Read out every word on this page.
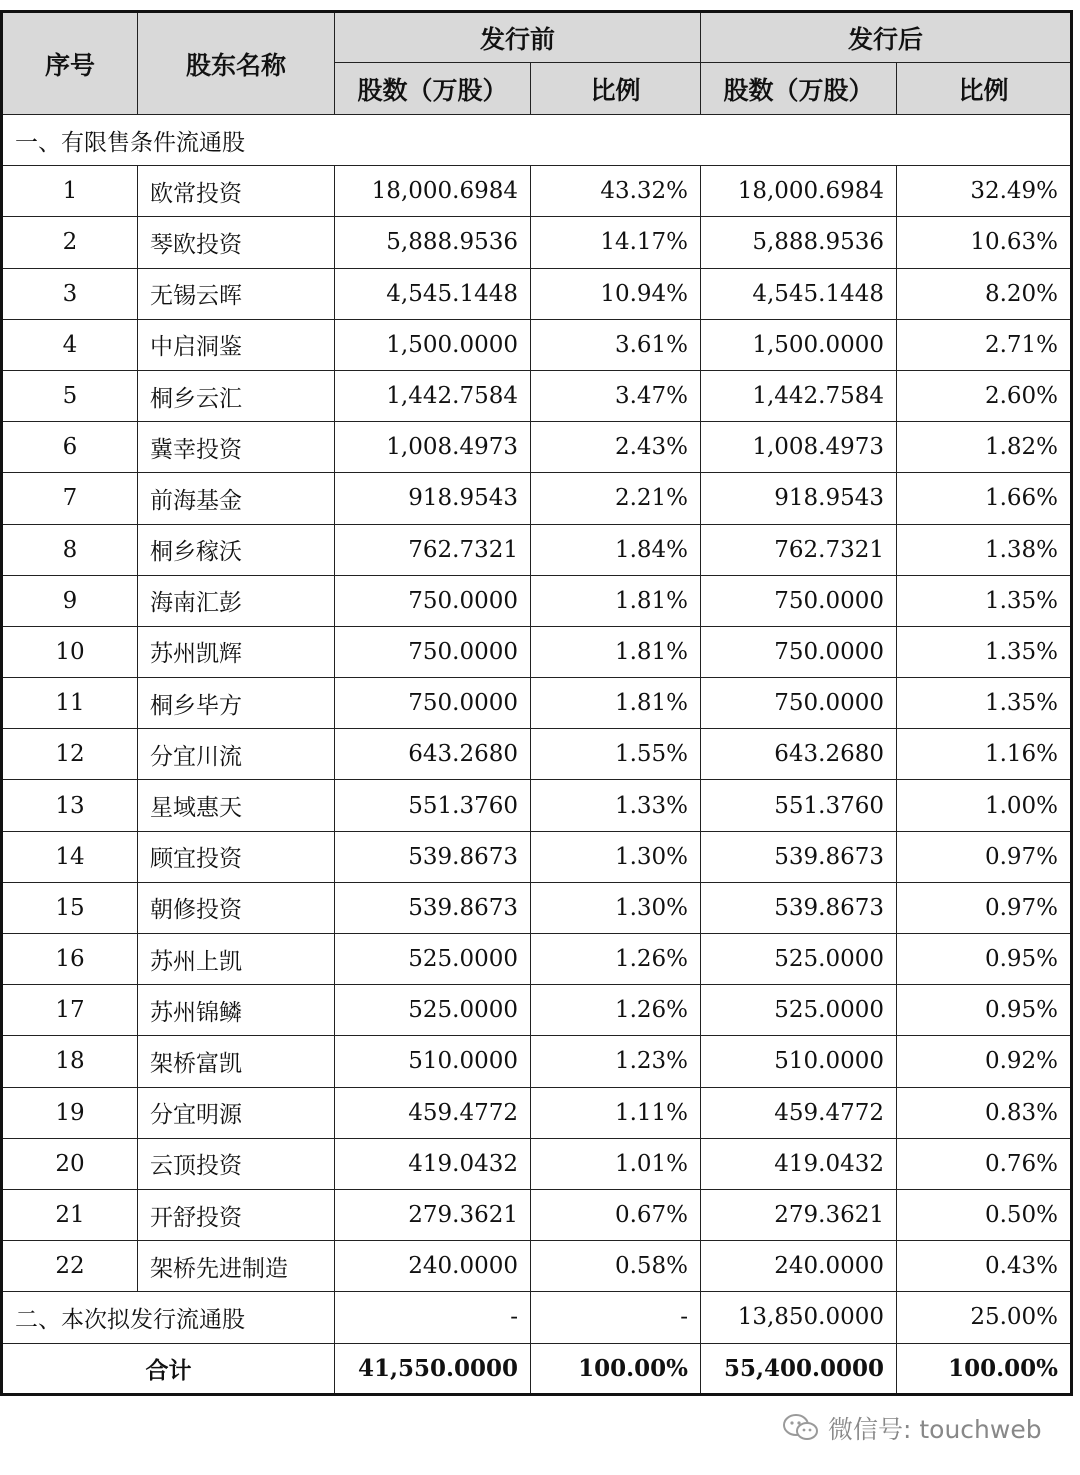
序号	股东名称	发行前		发行后	
		股数（万股）	比例	股数（万股）	比例
一、有限售条件流通股					
1	欧常投资	18,000.6984	43.32%	18,000.6984	32.49%
2	琴欧投资	5,888.9536	14.17%	5,888.9536	10.63%
3	无锡云晖	4,545.1448	10.94%	4,545.1448	8.20%
4	中启洞鉴	1,500.0000	3.61%	1,500.0000	2.71%
5	桐乡云汇	1,442.7584	3.47%	1,442.7584	2.60%
6	冀幸投资	1,008.4973	2.43%	1,008.4973	1.82%
7	前海基金	918.9543	2.21%	918.9543	1.66%
8	桐乡稼沃	762.7321	1.84%	762.7321	1.38%
9	海南汇彭	750.0000	1.81%	750.0000	1.35%
10	苏州凯辉	750.0000	1.81%	750.0000	1.35%
11	桐乡毕方	750.0000	1.81%	750.0000	1.35%
12	分宜川流	643.2680	1.55%	643.2680	1.16%
13	星域惠天	551.3760	1.33%	551.3760	1.00%
14	顾宜投资	539.8673	1.30%	539.8673	0.97%
15	朝修投资	539.8673	1.30%	539.8673	0.97%
16	苏州上凯	525.0000	1.26%	525.0000	0.95%
17	苏州锦鳞	525.0000	1.26%	525.0000	0.95%
18	架桥富凯	510.0000	1.23%	510.0000	0.92%
19	分宜明源	459.4772	1.11%	459.4772	0.83%
20	云顶投资	419.0432	1.01%	419.0432	0.76%
21	开舒投资	279.3621	0.67%	279.3621	0.50%
22	架桥先进制造	240.0000	0.58%	240.0000	0.43%
二、本次拟发行流通股		-	-	13,850.0000	25.00%
合计		41,550.0000	100.00%	55,400.0000	100.00%
微信号: touchweb
